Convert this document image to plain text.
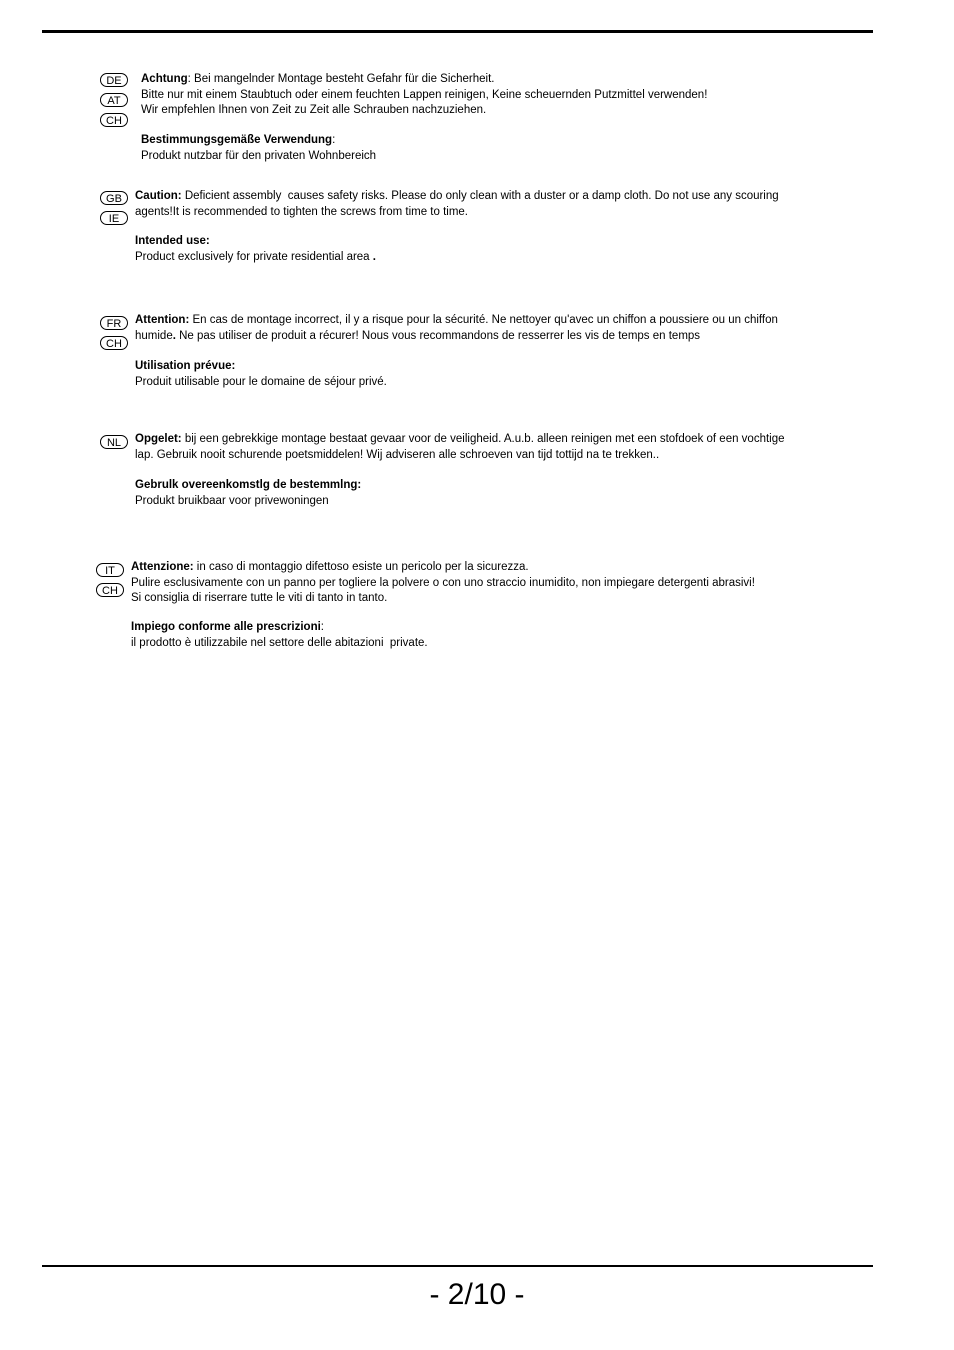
DE
AT
CH
Achtung: Bei mangelnder Montage besteht Gefahr für die Sicherheit.
Bitte nur mit einem Staubtuch oder einem feuchten Lappen reinigen, Keine scheuernden Putzmittel verwenden!
Wir empfehlen Ihnen von Zeit zu Zeit alle Schrauben nachzuziehen.
Bestimmungsgemäße Verwendung:
Produkt nutzbar für den privaten Wohnbereich
GB
IE
Caution: Deficient assembly  causes safety risks. Please do only clean with a duster or a damp cloth. Do not use any scouring
agents!It is recommended to tighten the screws from time to time.
Intended use:
Product exclusively for private residential area .
FR
CH
Attention: En cas de montage incorrect, il y a risque pour la sécurité. Ne nettoyer qu'avec un chiffon a poussiere ou un chiffon
humide. Ne pas utiliser de produit a récurer! Nous vous recommandons de resserrer les vis de temps en temps
Utilisation prévue:
Produit utilisable pour le domaine de séjour privé.
NL	Opgelet: bij een gebrekkige montage bestaat gevaar voor de veiligheid. A.u.b. alleen reinigen met een stofdoek of een vochtige
lap. Gebruik nooit schurende poetsmiddelen! Wij adviseren alle schroeven van tijd tottijd na te trekken..
Gebrulk overeenkomstlg de bestemmlng:
Produkt bruikbaar voor privewoningen
IT
CH
Attenzione: in caso di montaggio difettoso esiste un pericolo per la sicurezza.
Pulire esclusivamente con un panno per togliere la polvere o con uno straccio inumidito, non impiegare detergenti abrasivi!
Si consiglia di riserrare tutte le viti di tanto in tanto.
Impiego conforme alle prescrizioni:
il prodotto è utilizzabile nel settore delle abitazioni  private.
- 2/10 -
